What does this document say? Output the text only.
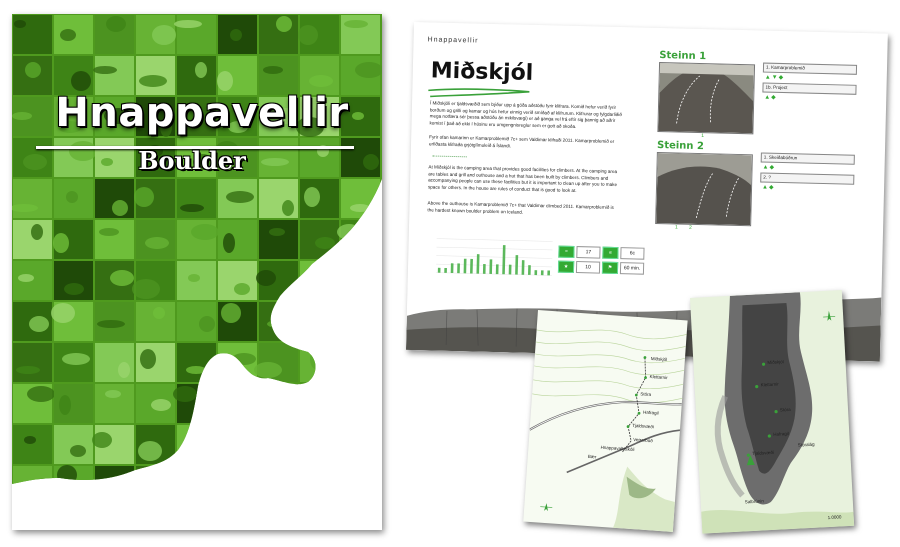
Hnappavellir
Boulder
Hnappavellir
Miðskjól
Í Miðskjóli er tjaldsvæðið sem býður upp á góða aðstöðu fyrir klifrara. Komið hefur verið fyrir borðum og grilli og kamar og hús hefur einnig verið smíðað af klifrurum. Klifrurar og fylgdarliðið mega notfæra sér þessa aðstöðu án mikilsvægi) er að ganga vel frá eftir sig þannig að aðrir komist í það að ekki í húsinu eru umgengnisreglur sem er gott að skoða.
Fyrir ofan kamarinn er Kamarproblemið 7c+ sem Valdimar klifraði 2011. Kamarproblemið er erfiðasta klifraða grjótglímuleið á Íslandi.
At Miðskjól is the camping area that provides good facilities for climbers. At the camping area are tables and grill and outhouse and a hut that has been built by climbers. Climbers and accompanying people can use these facilities but it is important to clean up after you to make space for others. In the house are rules of conduct that is good to look at.
Above the outhouse is Kamarproblemið 7c+ that Valdimar climbed 2011. Kamarproblemið is the hardest known boulder problem on Iceland.
≈	17	≡	6c
★	10	⚑	60 min.
Steinn 1
1
1. Kamarproblemið
▲▼◆
1b. Project
▲◆
Steinn 2
1 2
1. Skeiðabúðrun
▲◆
2. ?
▲◆
Miðskjól
Klettarnir
Stóra
Hafragil
Tjaldsvæði
Vetrarbúð
Hnappavallaskóli
Bær
Miðskjól
Klettarnir
Stóra
Hafragil
Tjaldsvæði
Stóralág
Salbrúnin
1.0000
